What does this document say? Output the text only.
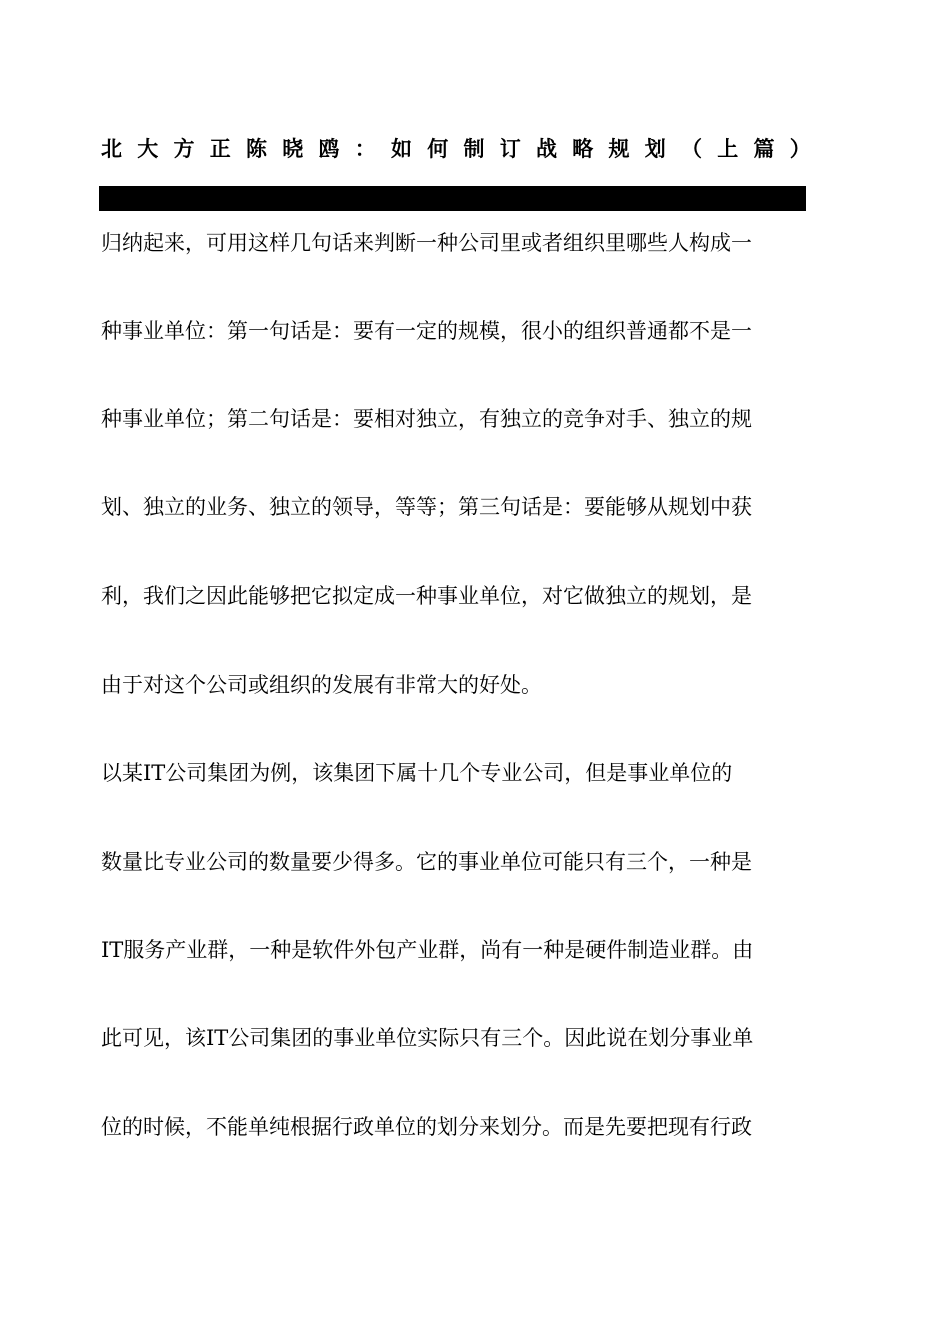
北 大 方 正 陈 晓 鸥 ： 如 何 制 订 战 略 规 划 （ 上 篇 ）
归纳起来，可用这样几句话来判断一种公司里或者组织里哪些人构成一
种事业单位：第一句话是：要有一定的规模，很小的组织普通都不是一
种事业单位；第二句话是：要相对独立，有独立的竞争对手、独立的规
划、独立的业务、独立的领导，等等；第三句话是：要能够从规划中获
利，我们之因此能够把它拟定成一种事业单位，对它做独立的规划，是
由于对这个公司或组织的发展有非常大的好处。
以某IT公司集团为例，该集团下属十几个专业公司，但是事业单位的
数量比专业公司的数量要少得多。它的事业单位可能只有三个，一种是
IT服务产业群，一种是软件外包产业群，尚有一种是硬件制造业群。由
此可见，该IT公司集团的事业单位实际只有三个。因此说在划分事业单
位的时候，不能单纯根据行政单位的划分来划分。而是先要把现有行政
